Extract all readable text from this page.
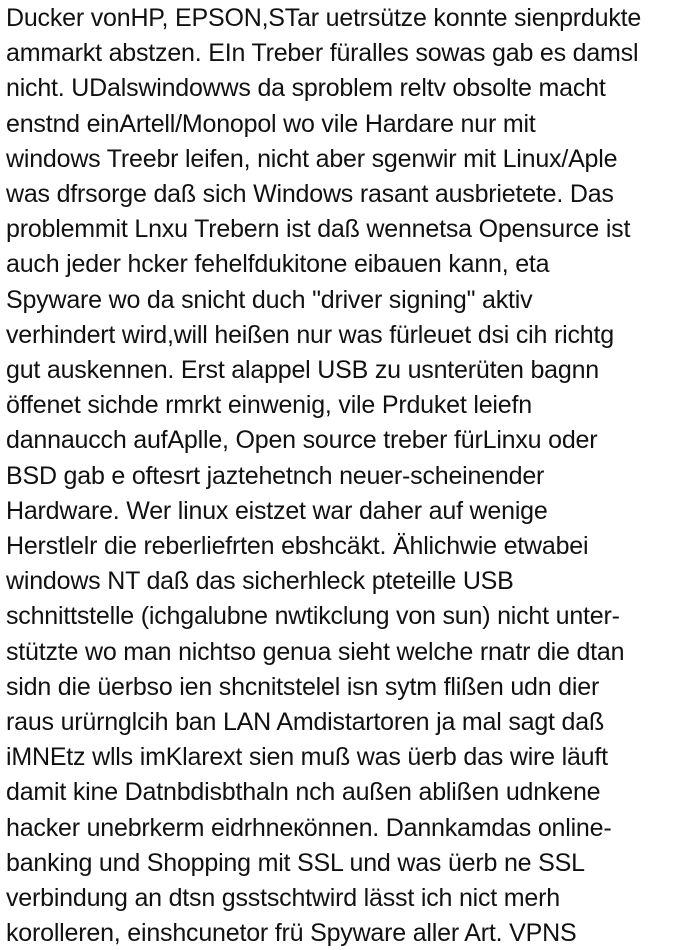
Ducker vonHP, EPSON,STar uetrsützе konnte sienprdukte
ammarkt abstzen. EIn Treber füralles sowas gab es damsl
nicht. UDalswindowws da sproblem reltv obsolte macht
enstnd einArtell/Monopol wo vile Hardare nur mit
windows Treebr leifen, nicht aber sgenwir mit Linux/Aple
was dfrsorge daß sich Windows rasant ausbrietete. Das
problemmit Lnxu Trebern ist daß wennetsa Opensurce ist
auch jeder hcker fehelfdukitone eibauen kann, eta
Spyware wo da snicht duch "driver signing" aktiv
verhindert wird,will heißen nur was fürleuet dsi cih richtg
gut auskennen. Erst alappel USB zu usnterüten bagnn
öffenet sichde rmrkt einwenig, vile Prduket leiefn
dannaucch aufAplle, Open source treber fürLinxu oder
BSD gab e oftesrt jaztehetnch neuer-scheinender
Hardware. Wer linux eistzet war daher auf wenige
Herstlelr die reberliefrten ebshcäkt. Ählichwie etwabei
windows NT daß das sicherhleck pteteille USB
schnittstelle (ichgalubne nwtikclung von sun) nicht unter-
stützte wo man nichtso genua sieht welche rnatr die dtan
sidn die üerbso ien shcnitstelel isn sytm flißen udn dier
raus urürnglcih ban LAN Amdistartoren ja mal sagt daß
iMNEtz wlls imKlarext sien muß was üerb das wire läuft
damit kine Datnbdisbthaln nch außen ablißen udnkene
hacker unebrkerm eidrhneкönnen. Dannkamdas online-
banking und Shopping mit SSL und was üerb ne SSL
verbindung an dtsn gsstschtwird lässt ich nict merh
korolleren, einshcunetor frü Spyware aller Art. VPNS
